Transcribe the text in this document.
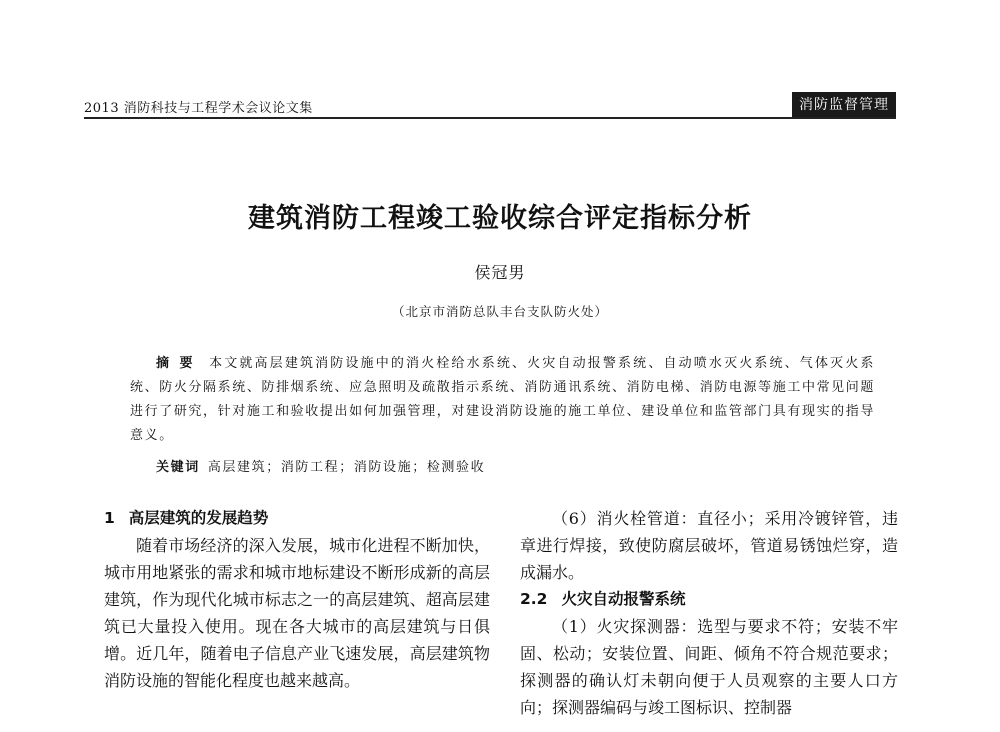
2013 消防科技与工程学术会议论文集	消防监督管理
建筑消防工程竣工验收综合评定指标分析
侯冠男
（北京市消防总队丰台支队防火处）
摘要 本文就高层建筑消防设施中的消火栓给水系统、火灾自动报警系统、自动喷水灭火系统、气体灭火系统、防火分隔系统、防排烟系统、应急照明及疏散指示系统、消防通讯系统、消防电梯、消防电源等施工中常见问题进行了研究，针对施工和验收提出如何加强管理，对建设消防设施的施工单位、建设单位和监管部门具有现实的指导意义。
关键词 高层建筑；消防工程；消防设施；检测验收
1 高层建筑的发展趋势

随着市场经济的深入发展，城市化进程不断加快，城市用地紧张的需求和城市地标建设不断形成新的高层建筑，作为现代化城市标志之一的高层建筑、超高层建筑已大量投入使用。现在各大城市的高层建筑与日俱增。近几年，随着电子信息产业飞速发展，高层建筑物消防设施的智能化程度也越来越高。

（6）消火栓管道：直径小；采用冷镀锌管，违章进行焊接，致使防腐层破坏，管道易锈蚀烂穿，造成漏水。

2.2 火灾自动报警系统

（1）火灾探测器：选型与要求不符；安装不牢固、松动；安装位置、间距、倾角不符合规范要求；探测器的确认灯未朝向便于人员观察的主要人口方向；探测器编码与竣工图标识、控制器
